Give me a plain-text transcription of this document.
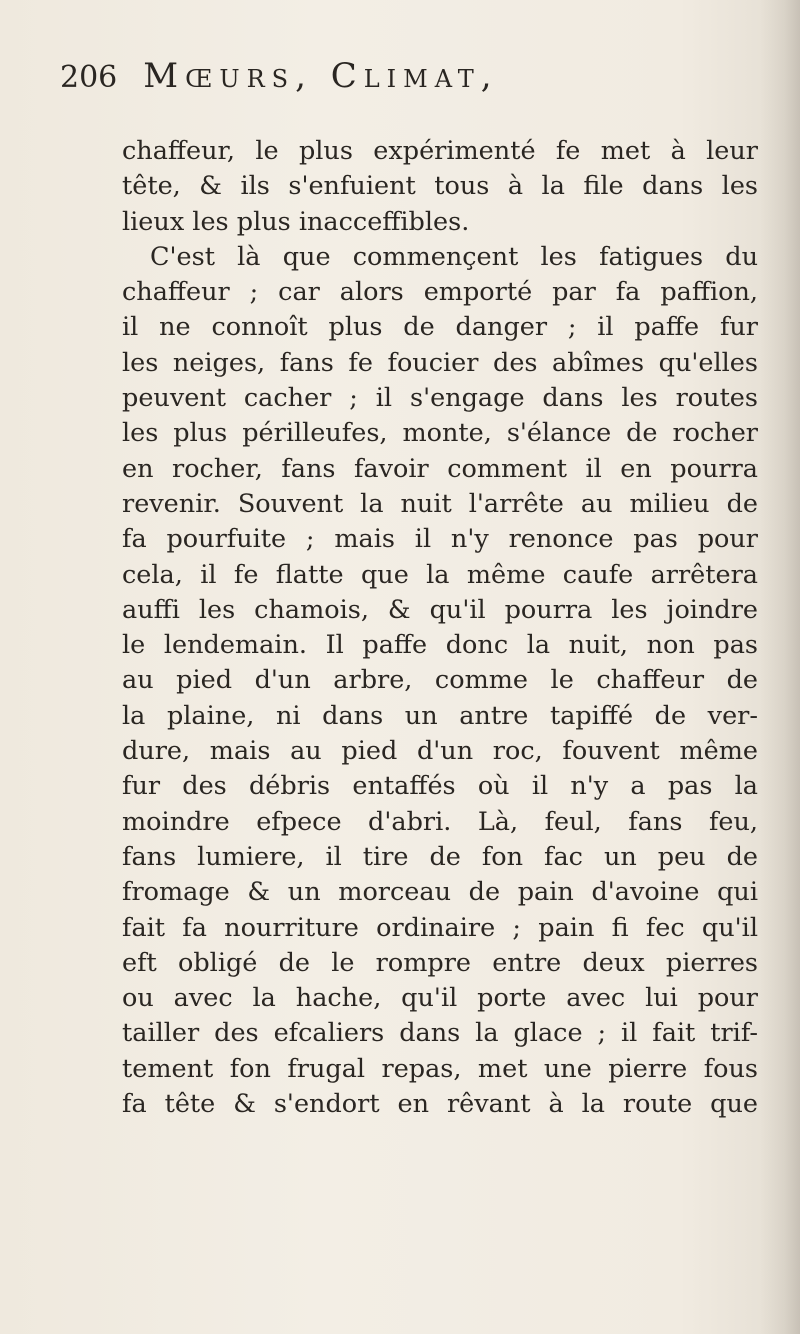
206 Mœurs, Climat,
chaffeur, le plus expérimenté fe met à leur
tête, & ils s'enfuient tous à la file dans les
lieux les plus inacceffibles.
C'est là que commençent les fatigues du
chaffeur ; car alors emporté par fa paffion,
il ne connoît plus de danger ; il paffe fur
les neiges, fans fe foucier des abîmes qu'elles
peuvent cacher ; il s'engage dans les routes
les plus périlleufes, monte, s'élance de rocher
en rocher, fans favoir comment il en pourra
revenir. Souvent la nuit l'arrête au milieu de
fa pourfuite ; mais il n'y renonce pas pour
cela, il fe flatte que la même caufe arrêtera
auffi les chamois, & qu'il pourra les joindre
le lendemain. Il paffe donc la nuit, non pas
au pied d'un arbre, comme le chaffeur de
la plaine, ni dans un antre tapiffé de ver-
dure, mais au pied d'un roc, fouvent même
fur des débris entaffés où il n'y a pas la
moindre efpece d'abri. Là, feul, fans feu,
fans lumiere, il tire de fon fac un peu de
fromage & un morceau de pain d'avoine qui
fait fa nourriture ordinaire ; pain fi fec qu'il
eft obligé de le rompre entre deux pierres
ou avec la hache, qu'il porte avec lui pour
tailler des efcaliers dans la glace ; il fait trif-
tement fon frugal repas, met une pierre fous
fa tête & s'endort en rêvant à la route que
